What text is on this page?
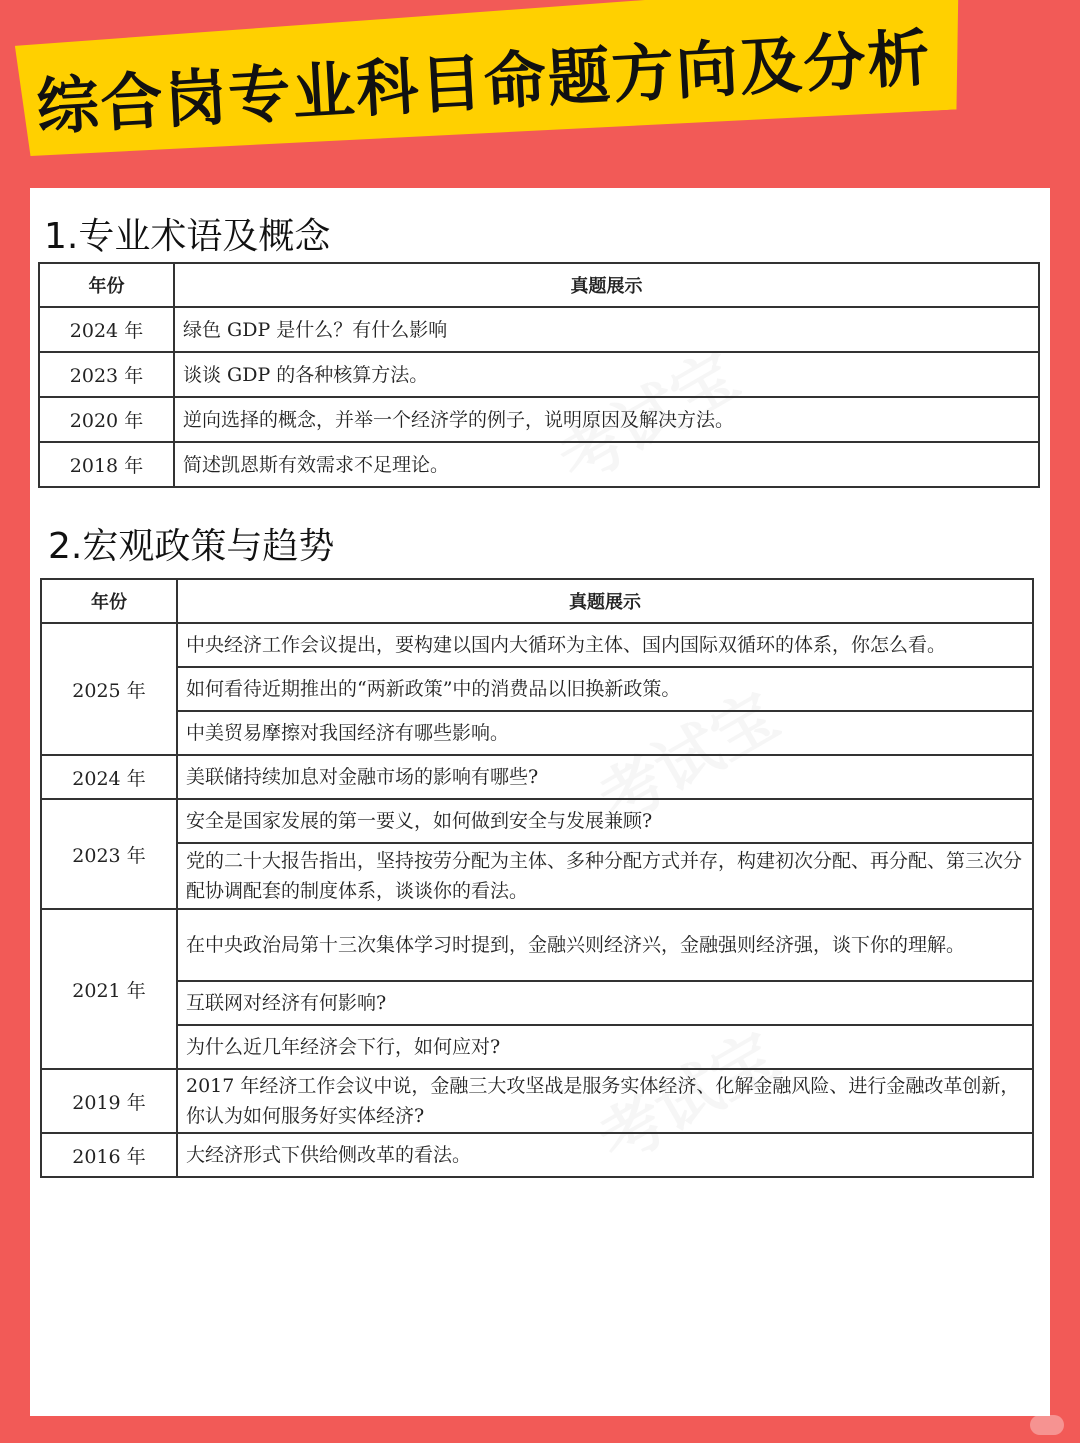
综合岗专业科目命题方向及分析
1.专业术语及概念
年份	真题展示
2024 年	绿色 GDP 是什么？有什么影响
2023 年	谈谈 GDP 的各种核算方法。
2020 年	逆向选择的概念，并举一个经济学的例子，说明原因及解决方法。
2018 年	简述凯恩斯有效需求不足理论。
2.宏观政策与趋势
年份	真题展示
2025 年	中央经济工作会议提出，要构建以国内大循环为主体、国内国际双循环的体系，你怎么看。
	如何看待近期推出的“两新政策”中的消费品以旧换新政策。
	中美贸易摩擦对我国经济有哪些影响。
2024 年	美联储持续加息对金融市场的影响有哪些?
2023 年	安全是国家发展的第一要义，如何做到安全与发展兼顾?
	党的二十大报告指出，坚持按劳分配为主体、多种分配方式并存，构建初次分配、再分配、第三次分配协调配套的制度体系，谈谈你的看法。
2021 年	在中央政治局第十三次集体学习时提到，金融兴则经济兴，金融强则经济强，谈下你的理解。
	互联网对经济有何影响?
	为什么近几年经济会下行，如何应对?
2019 年	2017 年经济工作会议中说，金融三大攻坚战是服务实体经济、化解金融风险、进行金融改革创新，你认为如何服务好实体经济?
2016 年	大经济形式下供给侧改革的看法。
